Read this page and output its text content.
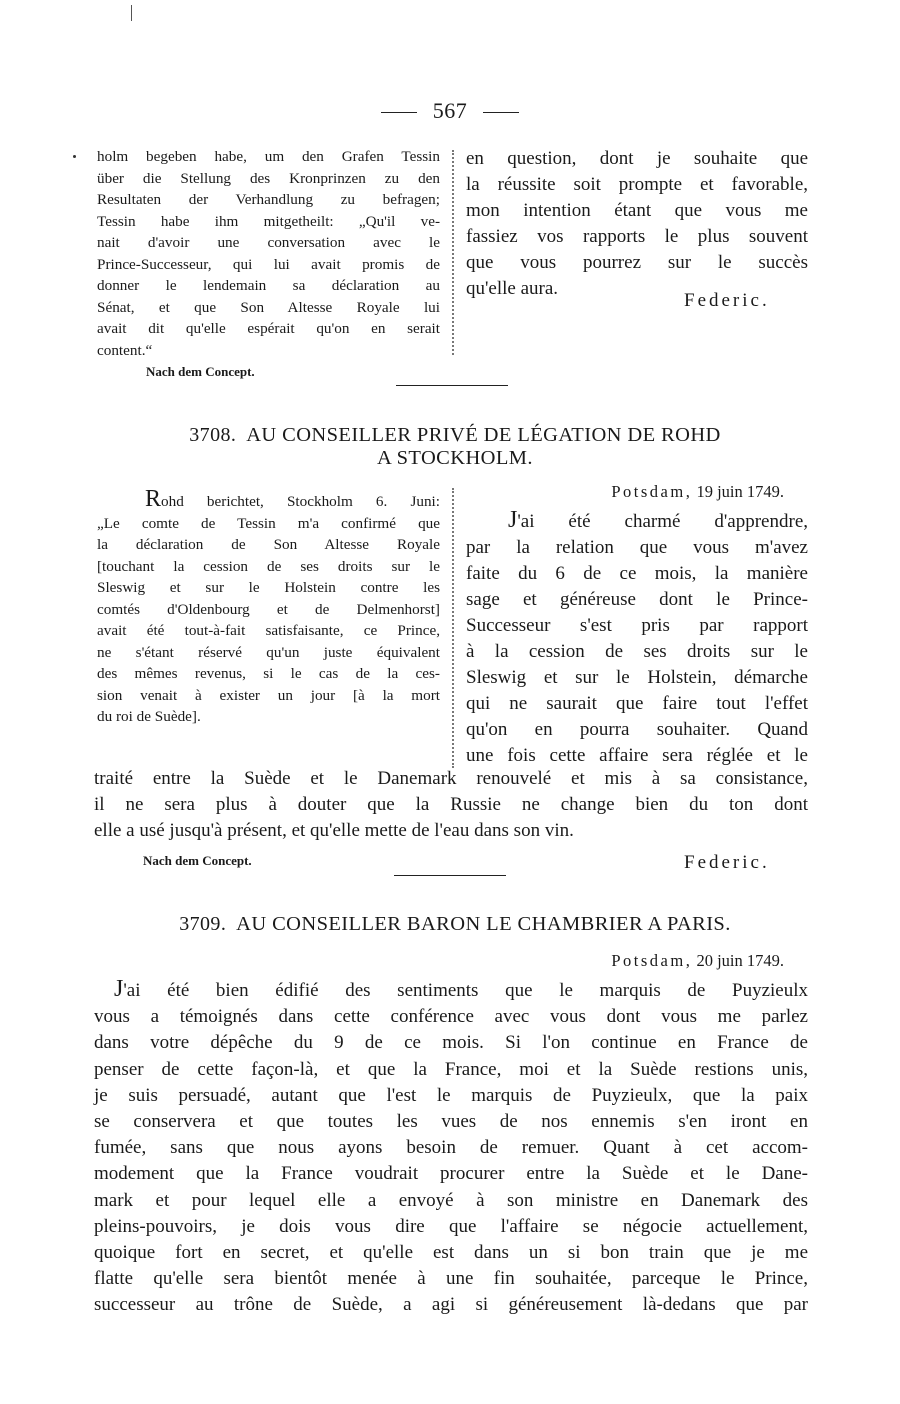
567
holm begeben habe, um den Grafen Tessin
über die Stellung des Kronprinzen zu den
Resultaten der Verhandlung zu befragen;
Tessin habe ihm mitgetheilt: „Qu'il ve-
nait d'avoir une conversation avec le
Prince-Successeur, qui lui avait promis de
donner le lendemain sa déclaration au
Sénat, et que Son Altesse Royale lui
avait dit qu'elle espérait qu'on en serait
content.“
Nach dem Concept.
en question, dont je souhaite que
la réussite soit prompte et favorable,
mon intention étant que vous me
fassiez vos rapports le plus souvent
que vous pourrez sur le succès
qu'elle aura.
Federic.
3708. AU CONSEILLER PRIVÉ DE LÉGATION DE ROHD
A STOCKHOLM.
Rohd berichtet, Stockholm 6. Juni:
„Le comte de Tessin m'a confirmé que
la déclaration de Son Altesse Royale
[touchant la cession de ses droits sur le
Sleswig et sur le Holstein contre les
comtés d'Oldenbourg et de Delmenhorst]
avait été tout-à-fait satisfaisante, ce Prince,
ne s'étant réservé qu'un juste équivalent
des mêmes revenus, si le cas de la ces-
sion venait à exister un jour [à la mort
du roi de Suède].
Potsdam, 19 juin 1749.
J'ai été charmé d'apprendre,
par la relation que vous m'avez
faite du 6 de ce mois, la manière
sage et généreuse dont le Prince-
Successeur s'est pris par rapport
à la cession de ses droits sur le
Sleswig et sur le Holstein, démarche
qui ne saurait que faire tout l'effet
qu'on en pourra souhaiter. Quand
une fois cette affaire sera réglée et le
traité entre la Suède et le Danemark renouvelé et mis à sa consistance,
il ne sera plus à douter que la Russie ne change bien du ton dont
elle a usé jusqu'à présent, et qu'elle mette de l'eau dans son vin.
Nach dem Concept.	Federic.
3709. AU CONSEILLER BARON LE CHAMBRIER A PARIS.
Potsdam, 20 juin 1749.
J'ai été bien édifié des sentiments que le marquis de Puyzieulx
vous a témoignés dans cette conférence avec vous dont vous me parlez
dans votre dépêche du 9 de ce mois. Si l'on continue en France de
penser de cette façon-là, et que la France, moi et la Suède restions unis,
je suis persuadé, autant que l'est le marquis de Puyzieulx, que la paix
se conservera et que toutes les vues de nos ennemis s'en iront en
fumée, sans que nous ayons besoin de remuer. Quant à cet accom-
modement que la France voudrait procurer entre la Suède et le Dane-
mark et pour lequel elle a envoyé à son ministre en Danemark des
pleins-pouvoirs, je dois vous dire que l'affaire se négocie actuellement,
quoique fort en secret, et qu'elle est dans un si bon train que je me
flatte qu'elle sera bientôt menée à une fin souhaitée, parceque le Prince,
successeur au trône de Suède, a agi si généreusement là-dedans que par
